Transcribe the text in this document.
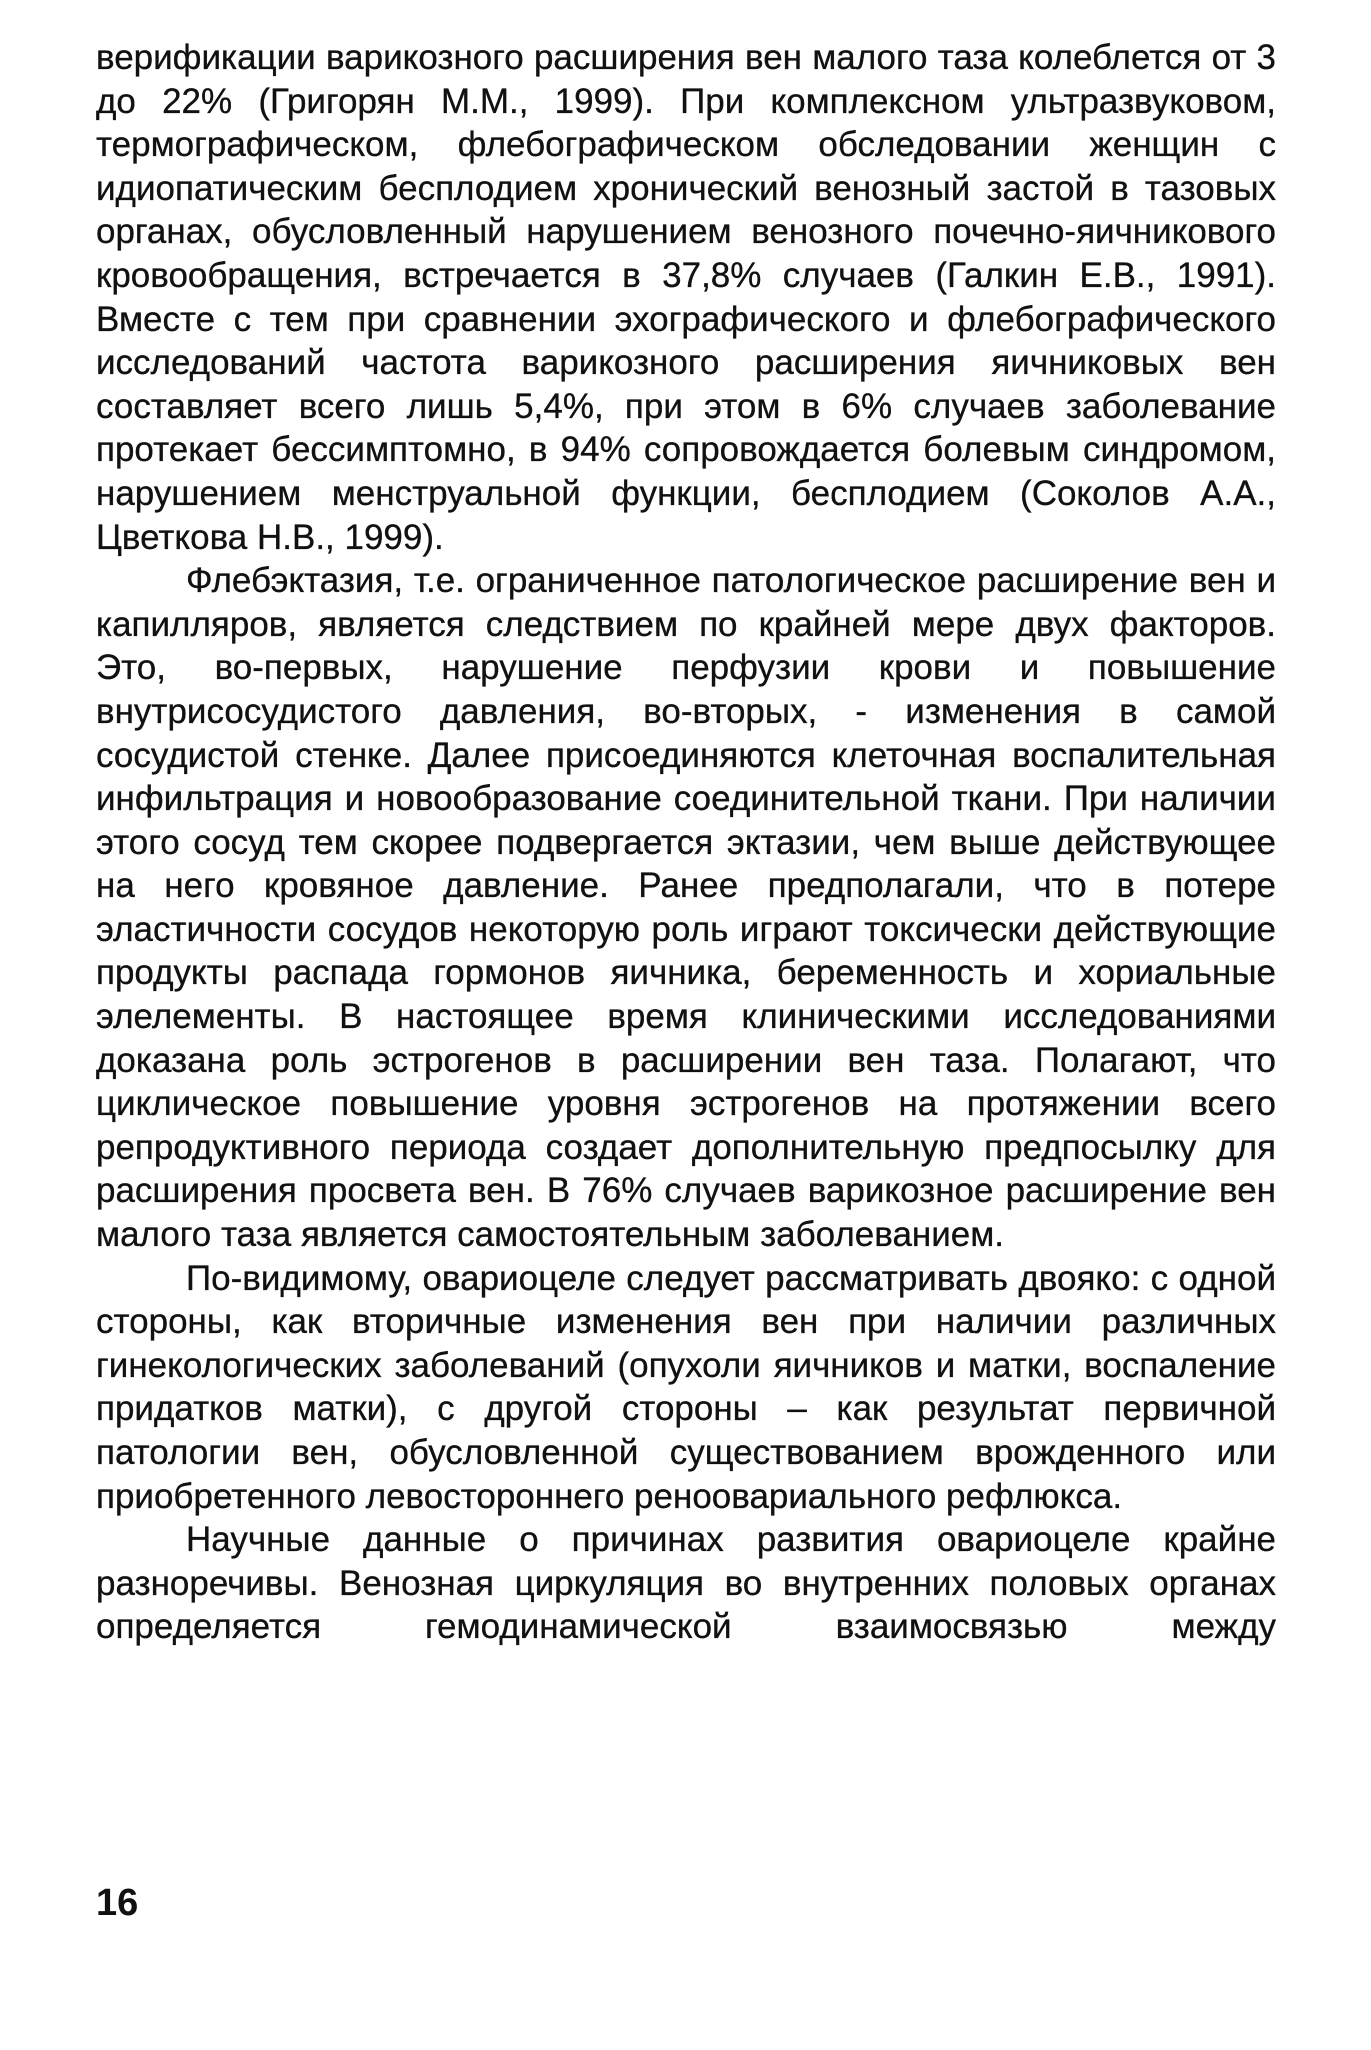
верификации варикозного расширения вен малого таза колеблется от 3 до 22% (Григорян М.М., 1999). При комплексном ультразвуковом, термографическом, флебографическом обследовании женщин с идиопатическим бесплодием хронический венозный застой в тазовых органах, обусловленный нарушением венозного почечно-яичникового кровообращения, встречается в 37,8% случаев (Галкин Е.В., 1991). Вместе с тем при сравнении эхографического и флебографического исследований частота варикозного расширения яичниковых вен составляет всего лишь 5,4%, при этом в 6% случаев заболевание протекает бессимптомно, в 94% сопровождается болевым синдромом, нарушением менструальной функции, бесплодием (Соколов А.А., Цветкова Н.В., 1999).

Флебэктазия, т.е. ограниченное патологическое расширение вен и капилляров, является следствием по крайней мере двух факторов. Это, во-первых, нарушение перфузии крови и повышение внутрисосудистого давления, во-вторых, - изменения в самой сосудистой стенке. Далее присоединяются клеточная воспалительная инфильтрация и новообразование соединительной ткани. При наличии этого сосуд тем скорее подвергается эктазии, чем выше действующее на него кровяное давление. Ранее предполагали, что в потере эластичности сосудов некоторую роль играют токсически действующие продукты распада гормонов яичника, беременность и хориальные элелементы. В настоящее время клиническими исследованиями доказана роль эстрогенов в расширении вен таза. Полагают, что циклическое повышение уровня эстрогенов на протяжении всего репродуктивного периода создает дополнительную предпосылку для расширения просвета вен. В 76% случаев варикозное расширение вен малого таза является самостоятельным заболеванием.

По-видимому, овариоцеле следует рассматривать двояко: с одной стороны, как вторичные изменения вен при наличии различных гинекологических заболеваний (опухоли яичников и матки, воспаление придатков матки), с другой стороны – как результат первичной патологии вен, обусловленной существованием врожденного или приобретенного левостороннего реноовариального рефлюкса.

Научные данные о причинах развития овариоцеле крайне разноречивы. Венозная циркуляция во внутренних половых органах определяется гемодинамической взаимосвязью между

16
